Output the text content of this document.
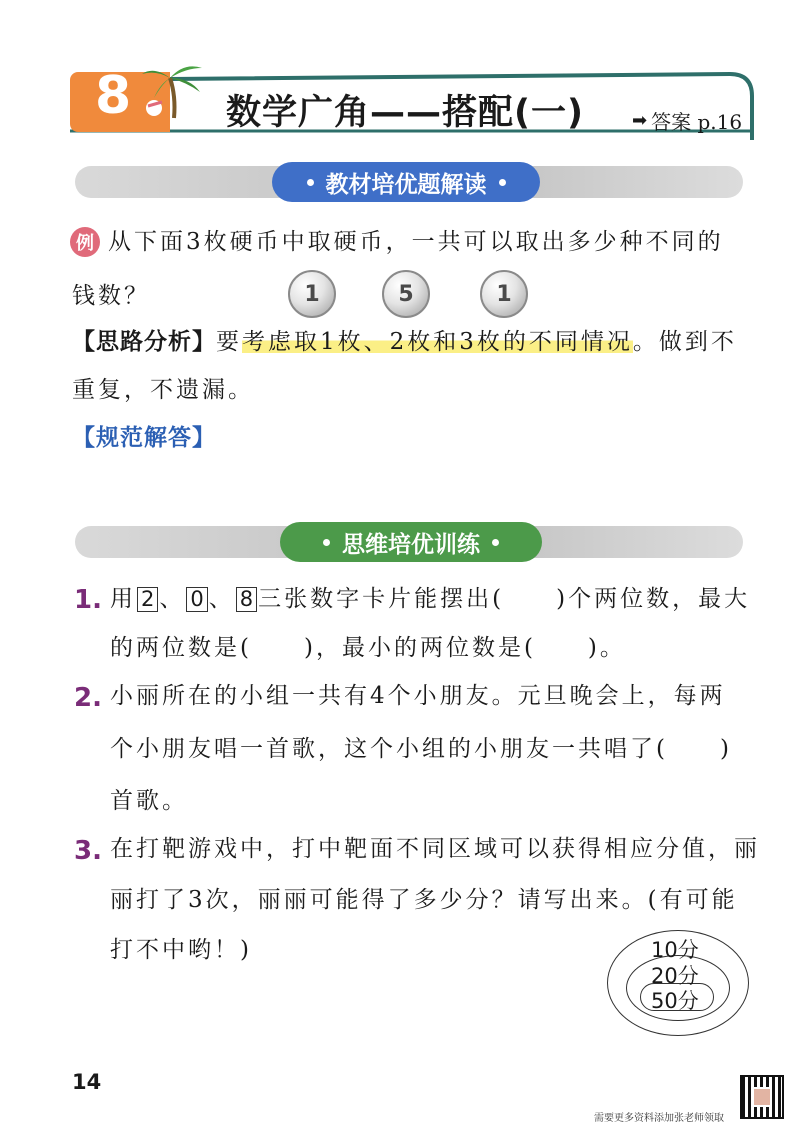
8	数学广角——搭配(一)	➡ 答案 p.16
教材培优题解读
例 从下面3枚硬币中取硬币，一共可以取出多少种不同的
钱数？	1	5	1
【思路分析】要考虑取1枚、2枚和3枚的不同情况。做到不
重复，不遗漏。
【规范解答】
思维培优训练
1. 用 2 、 0 、 8 三张数字卡片能摆出(　　)个两位数，最大
的两位数是(　　)，最小的两位数是(　　)。
2. 小丽所在的小组一共有4个小朋友。元旦晚会上，每两
个小朋友唱一首歌，这个小组的小朋友一共唱了(　　)
首歌。
3. 在打靶游戏中，打中靶面不同区域可以获得相应分值，丽
丽打了3次，丽丽可能得了多少分？请写出来。(有可能
打不中哟！)	10分
20分
50分
14
需要更多资料添加张老师领取
